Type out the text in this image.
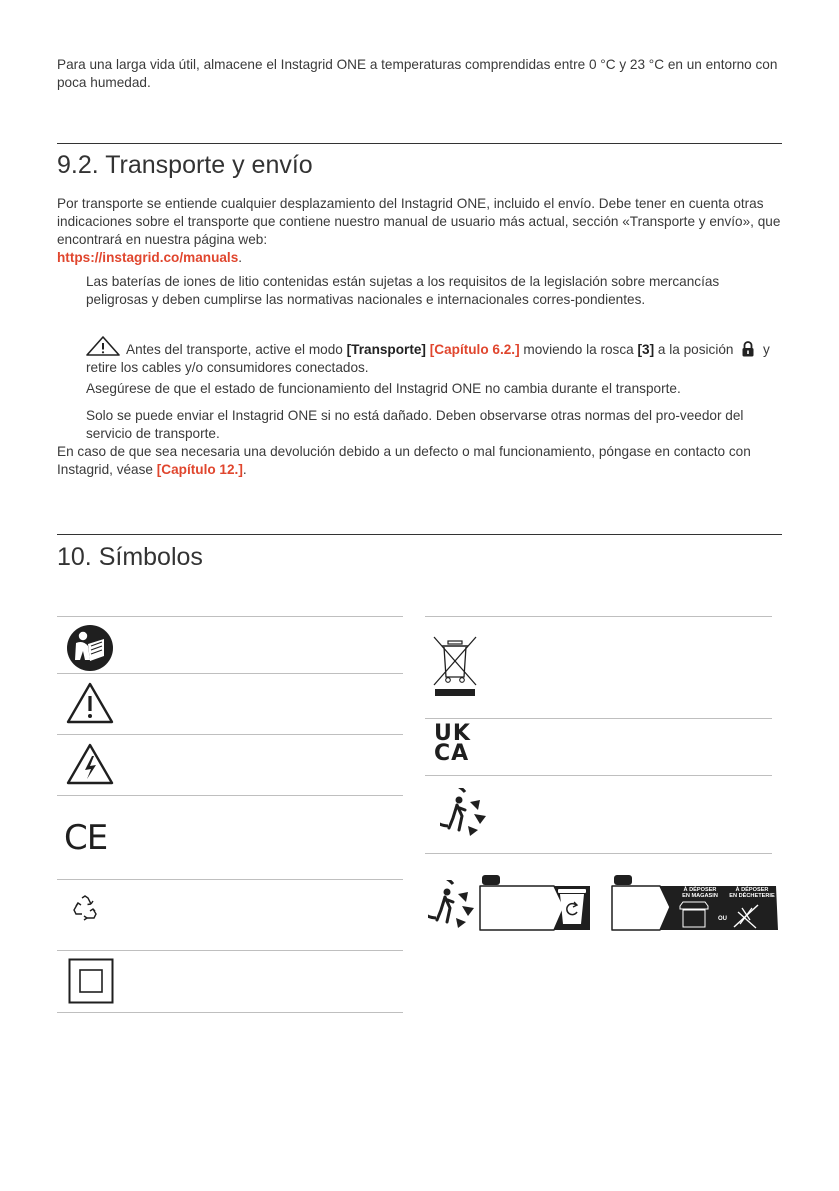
Para una larga vida útil, almacene el Instagrid ONE a temperaturas comprendidas entre 0 °C y 23 °C en un entorno con poca humedad.

9.2. Transporte y envío

Por transporte se entiende cualquier desplazamiento del Instagrid ONE, incluido el envío. Debe tener en cuenta otras indicaciones sobre el transporte que contiene nuestro manual de usuario más actual, sección «Transporte y envío», que encontrará en nuestra página web:
https://instagrid.co/manuals.

Las baterías de iones de litio contenidas están sujetas a los requisitos de la legislación sobre mercancías peligrosas y deben cumplirse las normativas nacionales e internacionales corres-pondientes.

Antes del transporte, active el modo [Transporte] [Capítulo 6.2.] moviendo la rosca [3] a la posición  y retire los cables y/o consumidores conectados.

Asegúrese de que el estado de funcionamiento del Instagrid ONE no cambia durante el transporte.

Solo se puede enviar el Instagrid ONE si no está dañado. Deben observarse otras normas del pro-veedor del servicio de transporte.

En caso de que sea necesaria una devolución debido a un defecto o mal funcionamiento, póngase en contacto con Instagrid, véase [Capítulo 12.].

10. Símbolos
CE
UK
CA
À DÉPOSER
EN MAGASIN
À DÉPOSER
EN DÉCHETERIE
OU
